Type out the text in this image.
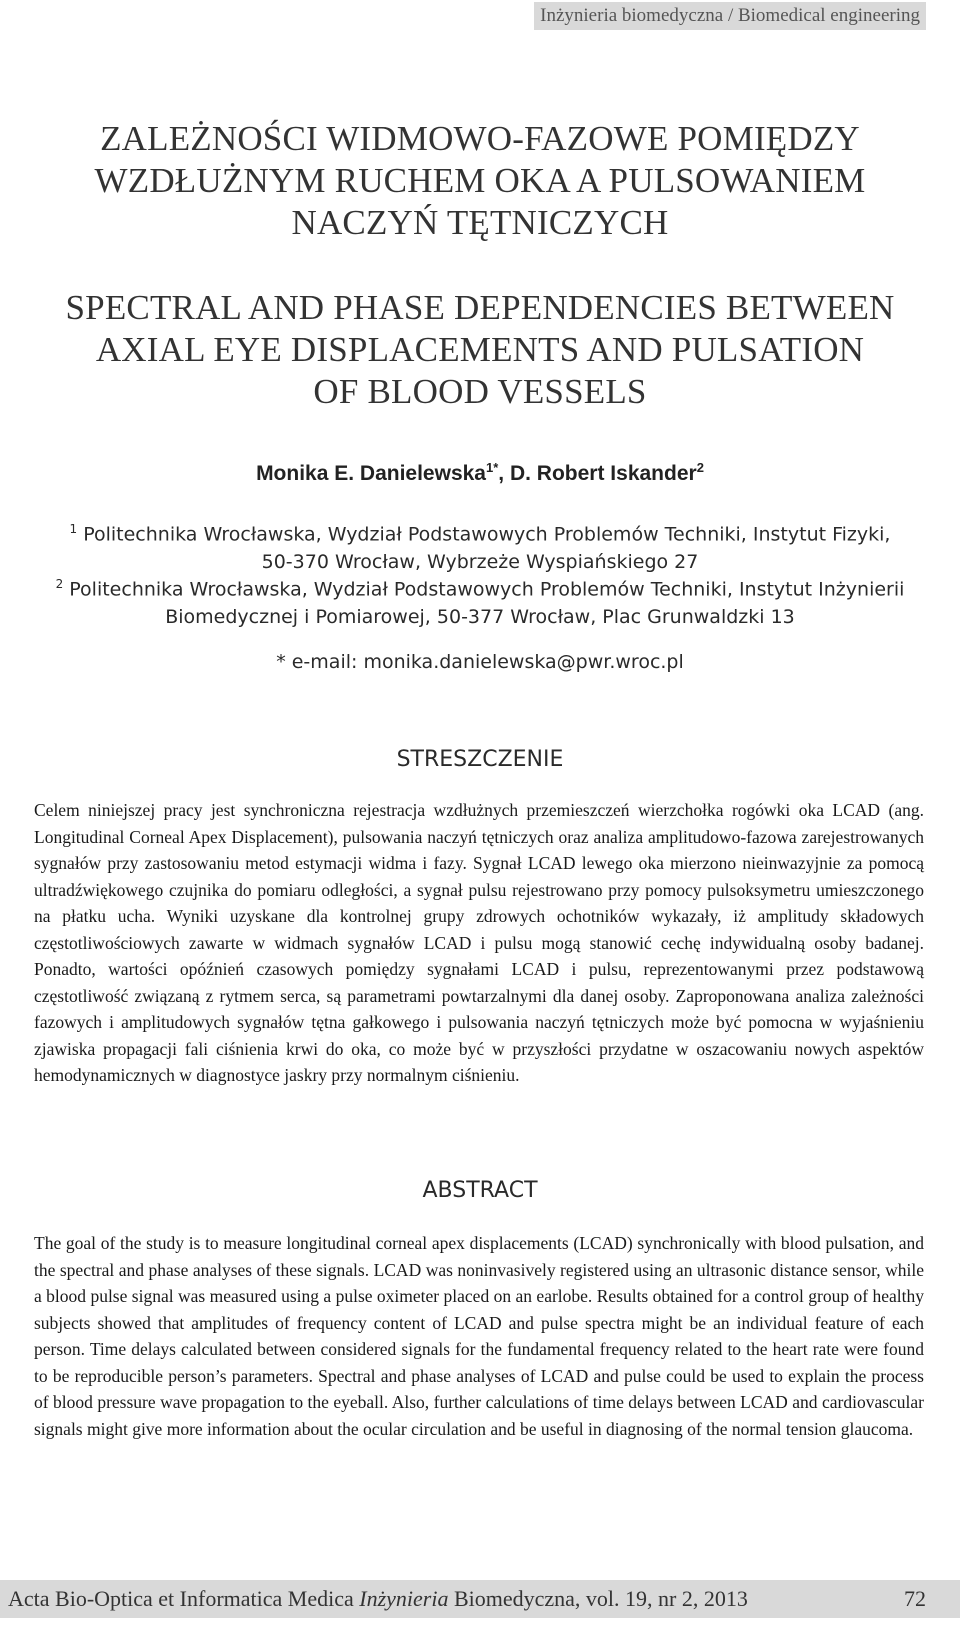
Inżynieria biomedyczna / Biomedical engineering
ZALEŻNOŚCI WIDMOWO-FAZOWE POMIĘDZY
WZDŁUŻNYM RUCHEM OKA A PULSOWANIEM
NACZYŃ TĘTNICZYCH
SPECTRAL AND PHASE DEPENDENCIES BETWEEN
AXIAL EYE DISPLACEMENTS AND PULSATION
OF BLOOD VESSELS
Monika E. Danielewska$^{1*}$, D. Robert Iskander$^2$
$^1$ Politechnika Wrocławska, Wydział Podstawowych Problemów Techniki, Instytut Fizyki,
50-370 Wrocław, Wybrzeże Wyspiańskiego 27
$^2$ Politechnika Wrocławska, Wydział Podstawowych Problemów Techniki, Instytut Inżynierii
Biomedycznej i Pomiarowej, 50-377 Wrocław, Plac Grunwaldzki 13
* e-mail: monika.danielewska@pwr.wroc.pl
STRESZCZENIE
Celem niniejszej pracy jest synchroniczna rejestracja wzdłużnych przemieszczeń wierzchołka rogówki oka LCAD (ang. Longitudinal Corneal Apex Displacement), pulsowania naczyń tętniczych oraz analiza amplitudowo-fazowa zarejestrowanych sygnałów przy zastosowaniu metod estymacji widma i fazy. Sygnał LCAD lewego oka mierzono nieinwazyjnie za pomocą ultradźwiękowego czujnika do pomiaru odległości, a sygnał pulsu rejestrowano przy pomocy pulsoksymetru umieszczonego na płatku ucha. Wyniki uzyskane dla kontrolnej grupy zdrowych ochotników wykazały, iż amplitudy składowych częstotliwościowych zawarte w widmach sygnałów LCAD i pulsu mogą stanowić cechę indywidualną osoby badanej. Ponadto, wartości opóźnień czasowych pomiędzy sygnałami LCAD i pulsu, reprezentowanymi przez podstawową częstotliwość związaną z rytmem serca, są parametrami powtarzalnymi dla danej osoby. Zaproponowana analiza zależności fazowych i amplitudowych sygnałów tętna gałkowego i pulsowania naczyń tętniczych może być pomocna w wyjaśnieniu zjawiska propagacji fali ciśnienia krwi do oka, co może być w przyszłości przydatne w oszacowaniu nowych aspektów hemodynamicznych w diagnostyce jaskry przy normalnym ciśnieniu.
ABSTRACT
The goal of the study is to measure longitudinal corneal apex displacements (LCAD) synchronically with blood pulsation, and the spectral and phase analyses of these signals. LCAD was noninvasively registered using an ultrasonic distance sensor, while a blood pulse signal was measured using a pulse oximeter placed on an earlobe. Results obtained for a control group of healthy subjects showed that amplitudes of frequency content of LCAD and pulse spectra might be an individual feature of each person. Time delays calculated between considered signals for the fundamental frequency related to the heart rate were found to be reproducible person’s parameters. Spectral and phase analyses of LCAD and pulse could be used to explain the process of blood pressure wave propagation to the eyeball. Also, further calculations of time delays between LCAD and cardiovascular signals might give more information about the ocular circulation and be useful in diagnosing of the normal tension glaucoma.
Acta Bio-Optica et Informatica Medica Inżynieria Biomedyczna, vol. 19, nr 2, 2013	72
